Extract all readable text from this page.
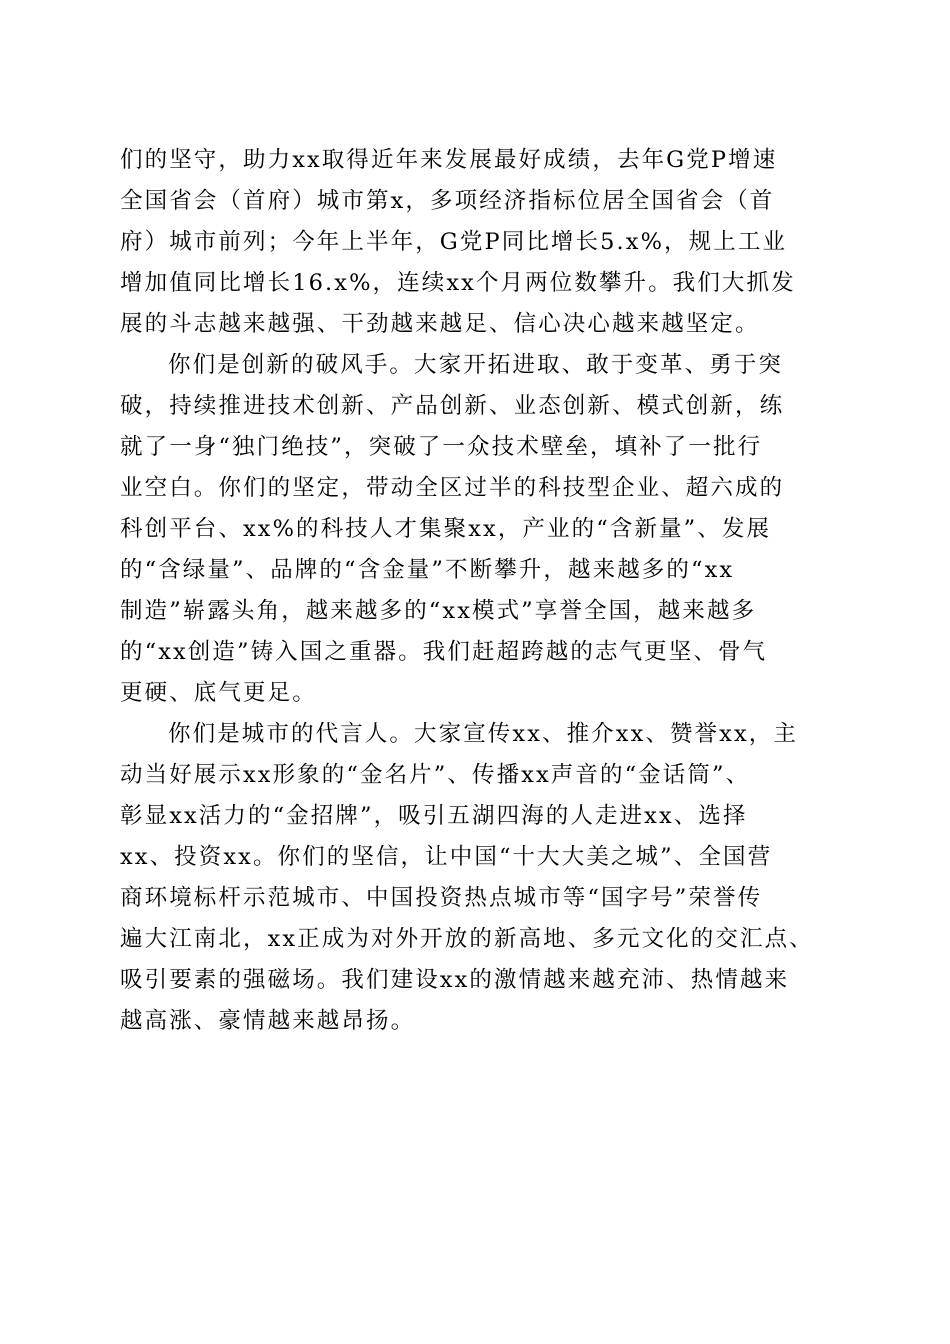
们的坚守，助力xx取得近年来发展最好成绩，去年G党P增速
全国省会（首府）城市第x，多项经济指标位居全国省会（首
府）城市前列；今年上半年，G党P同比增长5.x%，规上工业
增加值同比增长16.x%，连续xx个月两位数攀升。我们大抓发
展的斗志越来越强、干劲越来越足、信心决心越来越坚定。
你们是创新的破风手。大家开拓进取、敢于变革、勇于突
破，持续推进技术创新、产品创新、业态创新、模式创新，练
就了一身“独门绝技”，突破了一众技术壁垒，填补了一批行
业空白。你们的坚定，带动全区过半的科技型企业、超六成的
科创平台、xx%的科技人才集聚xx，产业的“含新量”、发展
的“含绿量”、品牌的“含金量”不断攀升，越来越多的“xx
制造”崭露头角，越来越多的“xx模式”享誉全国，越来越多
的“xx创造”铸入国之重器。我们赶超跨越的志气更坚、骨气
更硬、底气更足。
你们是城市的代言人。大家宣传xx、推介xx、赞誉xx，主
动当好展示xx形象的“金名片”、传播xx声音的“金话筒”、
彰显xx活力的“金招牌”，吸引五湖四海的人走进xx、选择
xx、投资xx。你们的坚信，让中国“十大大美之城”、全国营
商环境标杆示范城市、中国投资热点城市等“国字号”荣誉传
遍大江南北，xx正成为对外开放的新高地、多元文化的交汇点、
吸引要素的强磁场。我们建设xx的激情越来越充沛、热情越来
越高涨、豪情越来越昂扬。
